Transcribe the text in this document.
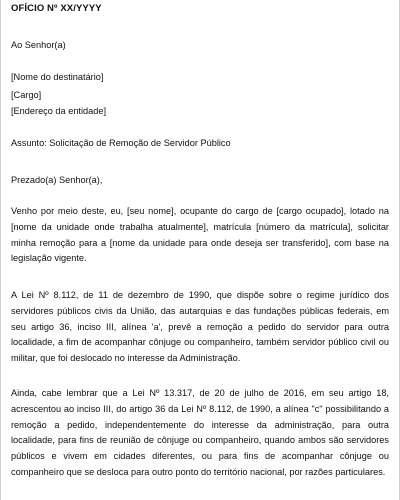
OFÍCIO Nº XX/YYYY
Ao Senhor(a)
[Nome do destinatário]
[Cargo]
[Endereço da entidade]
Assunto: Solicitação de Remoção de Servidor Público
Prezado(a) Senhor(a),
Venho por meio deste, eu, [seu nome], ocupante do cargo de [cargo ocupado], lotado na [nome da unidade onde trabalha atualmente], matrícula [número da matrícula], solicitar minha remoção para a [nome da unidade para onde deseja ser transferido], com base na legislação vigente.
A Lei Nº 8.112, de 11 de dezembro de 1990, que dispõe sobre o regime jurídico dos servidores públicos civis da União, das autarquias e das fundações públicas federais, em seu artigo 36, inciso III, alínea 'a', prevê a remoção a pedido do servidor para outra localidade, a fim de acompanhar cônjuge ou companheiro, também servidor público civil ou militar, que foi deslocado no interesse da Administração.
Ainda, cabe lembrar que a Lei Nº 13.317, de 20 de julho de 2016, em seu artigo 18, acrescentou ao inciso III, do artigo 36 da Lei Nº 8.112, de 1990, a alínea "c" possibilitando a remoção a pedido, independentemente do interesse da administração, para outra localidade, para fins de reunião de cônjuge ou companheiro, quando ambos são servidores públicos e vivem em cidades diferentes, ou para fins de acompanhar cônjuge ou companheiro que se desloca para outro ponto do território nacional, por razões particulares.
